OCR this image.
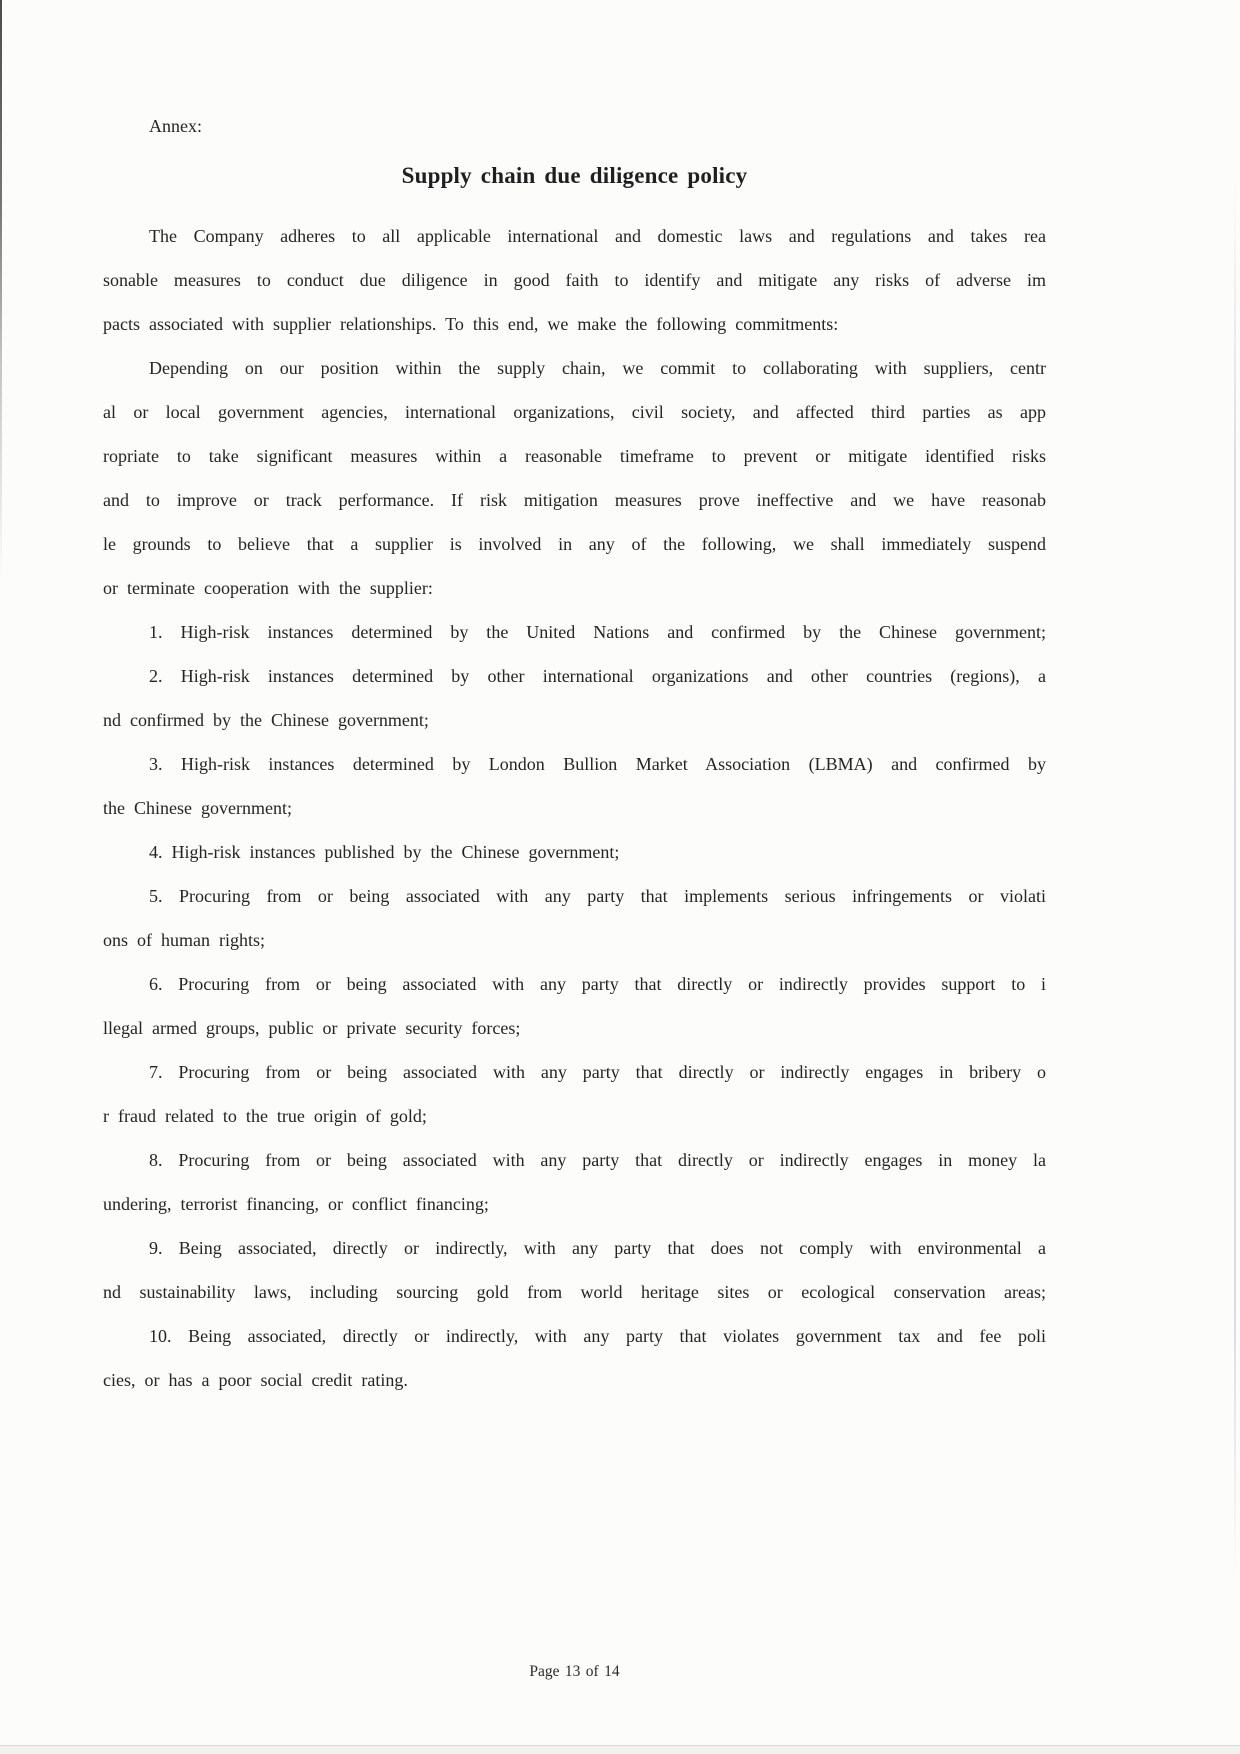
Annex:
Supply chain due diligence policy
The Company adheres to all applicable international and domestic laws and regulations and takes rea
sonable measures to conduct due diligence in good faith to identify and mitigate any risks of adverse im
pacts associated with supplier relationships. To this end, we make the following commitments:
Depending on our position within the supply chain, we commit to collaborating with suppliers, centr
al or local government agencies, international organizations, civil society, and affected third parties as app
ropriate to take significant measures within a reasonable timeframe to prevent or mitigate identified risks
and to improve or track performance. If risk mitigation measures prove ineffective and we have reasonab
le grounds to believe that a supplier is involved in any of the following, we shall immediately suspend
or terminate cooperation with the supplier:
1. High-risk instances determined by the United Nations and confirmed by the Chinese government;
2. High-risk instances determined by other international organizations and other countries (regions), a
nd confirmed by the Chinese government;
3. High-risk instances determined by London Bullion Market Association (LBMA) and confirmed by
the Chinese government;
4. High-risk instances published by the Chinese government;
5. Procuring from or being associated with any party that implements serious infringements or violati
ons of human rights;
6. Procuring from or being associated with any party that directly or indirectly provides support to i
llegal armed groups, public or private security forces;
7. Procuring from or being associated with any party that directly or indirectly engages in bribery o
r fraud related to the true origin of gold;
8. Procuring from or being associated with any party that directly or indirectly engages in money la
undering, terrorist financing, or conflict financing;
9. Being associated, directly or indirectly, with any party that does not comply with environmental a
nd sustainability laws, including sourcing gold from world heritage sites or ecological conservation areas;
10. Being associated, directly or indirectly, with any party that violates government tax and fee poli
cies, or has a poor social credit rating.
Page 13 of 14
